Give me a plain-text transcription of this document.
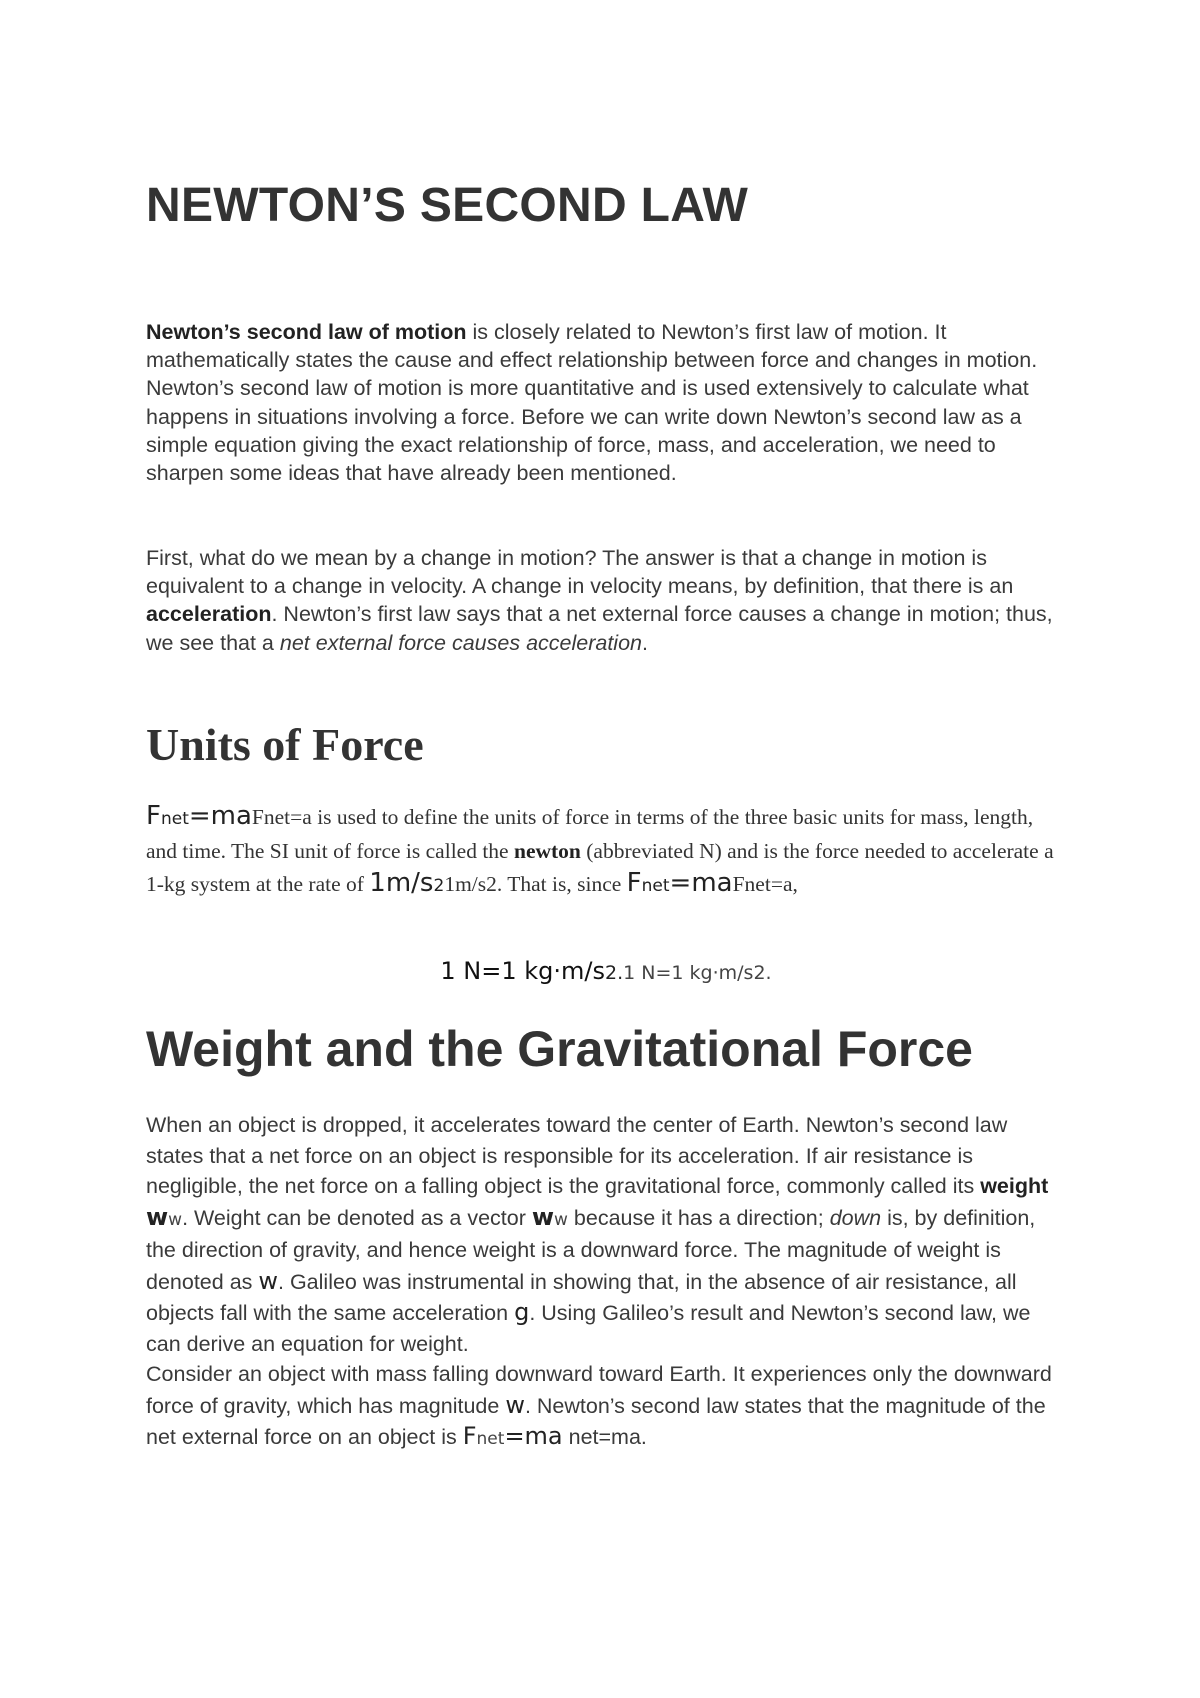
NEWTON’S SECOND LAW

Newton’s second law of motion is closely related to Newton’s first law of motion. It mathematically states the cause and effect relationship between force and changes in motion. Newton’s second law of motion is more quantitative and is used extensively to calculate what happens in situations involving a force. Before we can write down Newton’s second law as a simple equation giving the exact relationship of force, mass, and acceleration, we need to sharpen some ideas that have already been mentioned.

First, what do we mean by a change in motion? The answer is that a change in motion is equivalent to a change in velocity. A change in velocity means, by definition, that there is an acceleration. Newton’s first law says that a net external force causes a change in motion; thus, we see that a net external force causes acceleration.

Units of Force

Fnet=maFnet=a is used to define the units of force in terms of the three basic units for mass, length, and time. The SI unit of force is called the newton (abbreviated N) and is the force needed to accelerate a 1-kg system at the rate of 1m/s21m/s2. That is, since Fnet=maFnet=a,

1 N=1 kg⋅m/s2.1 N=1 kg⋅m/s2.
Weight and the Gravitational Force

When an object is dropped, it accelerates toward the center of Earth. Newton’s second law states that a net force on an object is responsible for its acceleration. If air resistance is negligible, the net force on a falling object is the gravitational force, commonly called its weight ww. Weight can be denoted as a vector ww because it has a direction; down is, by definition, the direction of gravity, and hence weight is a downward force. The magnitude of weight is denoted as w. Galileo was instrumental in showing that, in the absence of air resistance, all objects fall with the same acceleration g. Using Galileo’s result and Newton’s second law, we can derive an equation for weight.
Consider an object with mass falling downward toward Earth. It experiences only the downward force of gravity, which has magnitude w. Newton’s second law states that the magnitude of the net external force on an object is Fnet=ma net=ma.
